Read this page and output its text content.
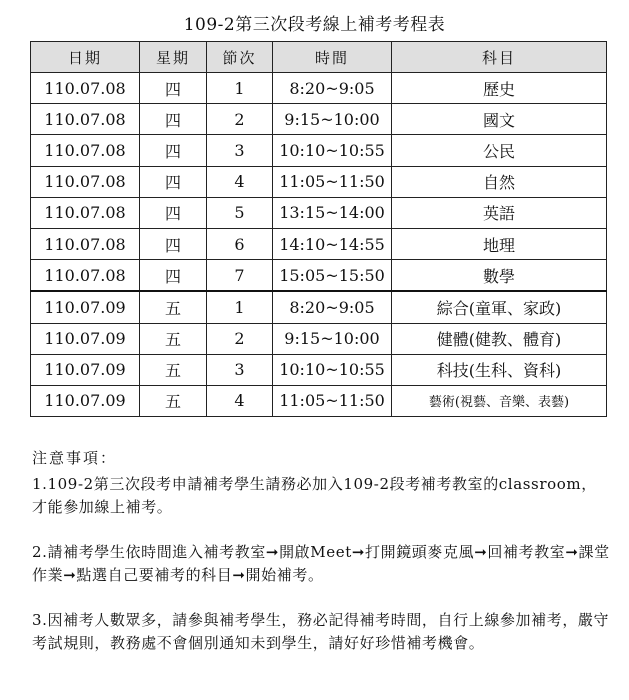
109-2第三次段考線上補考考程表
日期	星期	節次	時間	科目
110.07.08	四	1	8:20~9:05	歷史
110.07.08	四	2	9:15~10:00	國文
110.07.08	四	3	10:10~10:55	公民
110.07.08	四	4	11:05~11:50	自然
110.07.08	四	5	13:15~14:00	英語
110.07.08	四	6	14:10~14:55	地理
110.07.08	四	7	15:05~15:50	數學
110.07.09	五	1	8:20~9:05	綜合(童軍、家政)
110.07.09	五	2	9:15~10:00	健體(健教、體育)
110.07.09	五	3	10:10~10:55	科技(生科、資科)
110.07.09	五	4	11:05~11:50	藝術(視藝、音樂、表藝)
注意事項：

1.109-2第三次段考申請補考學生請務必加入109-2段考補考教室的classroom，才能參加線上補考。

2.請補考學生依時間進入補考教室➞開啟Meet➞打開鏡頭麥克風➞回補考教室➞課堂作業➞點選自己要補考的科目➞開始補考。

3.因補考人數眾多，請參與補考學生，務必記得補考時間，自行上線參加補考，嚴守考試規則，教務處不會個別通知未到學生，請好好珍惜補考機會。
